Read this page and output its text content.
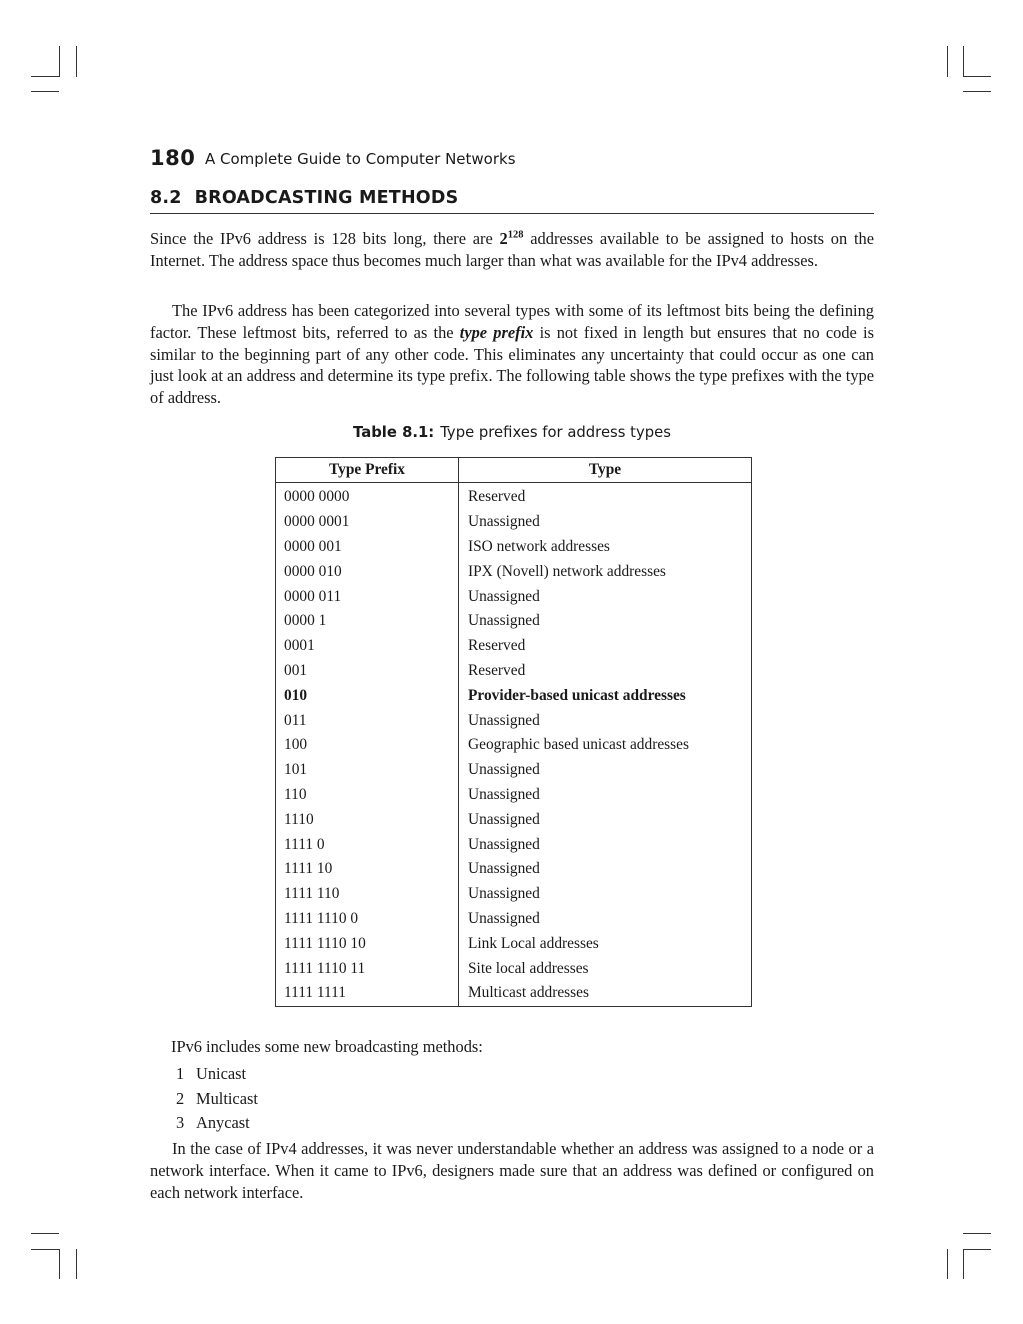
180 A Complete Guide to Computer Networks
8.2 BROADCASTING METHODS

Since the IPv6 address is 128 bits long, there are $2^{128}$ addresses available to be assigned to hosts on the Internet. The address space thus becomes much larger than what was available for the IPv4 addresses.

The IPv6 address has been categorized into several types with some of its leftmost bits being the defining factor. These leftmost bits, referred to as the type prefix is not fixed in length but ensures that no code is similar to the beginning part of any other code. This eliminates any uncertainty that could occur as one can just look at an address and determine its type prefix. The following table shows the type prefixes with the type of address.

Table 8.1: Type prefixes for address types
Type Prefix	Type
0000 0000	Reserved
0000 0001	Unassigned
0000 001	ISO network addresses
0000 010	IPX (Novell) network addresses
0000 011	Unassigned
0000 1	Unassigned
0001	Reserved
001	Reserved
010	Provider-based unicast addresses
011	Unassigned
100	Geographic based unicast addresses
101	Unassigned
110	Unassigned
1110	Unassigned
1111 0	Unassigned
1111 10	Unassigned
1111 110	Unassigned
1111 1110 0	Unassigned
1111 1110 10	Link Local addresses
1111 1110 11	Site local addresses
1111 1111	Multicast addresses
IPv6 includes some new broadcasting methods:
1 Unicast
2 Multicast
3 Anycast

In the case of IPv4 addresses, it was never understandable whether an address was assigned to a node or a network interface. When it came to IPv6, designers made sure that an address was defined or configured on each network interface.
